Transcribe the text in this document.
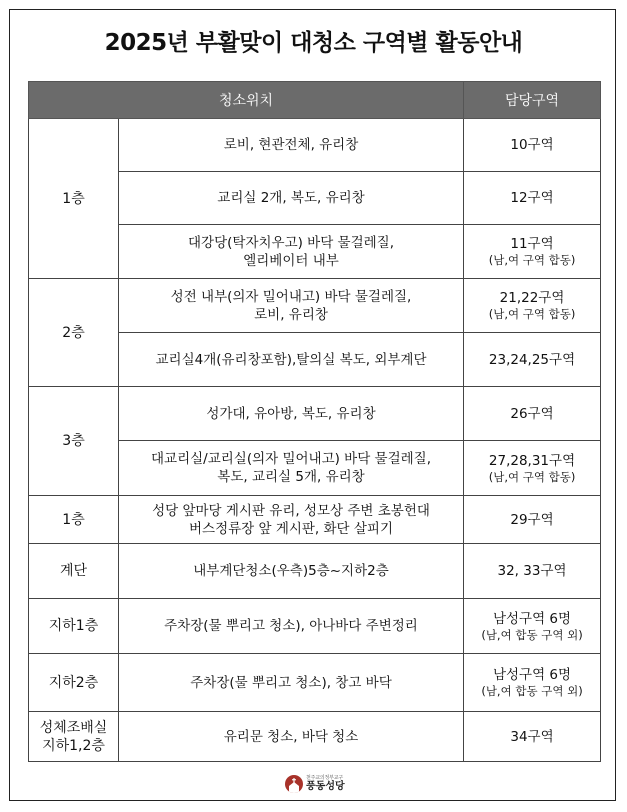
2025년 부활맞이 대청소 구역별 활동안내
청소위치		담당구역
1층	로비, 현관전체, 유리창	10구역

	교리실 2개, 복도, 유리창	12구역

	대강당(탁자치우고) 바닥 물걸레질,
엘리베이터 내부	11구역
(남,여 구역 합동)

2층	성전 내부(의자 밀어내고) 바닥 물걸레질,
로비, 유리창	21,22구역
(남,여 구역 합동)

	교리실4개(유리창포함),탈의실 복도, 외부계단	23,24,25구역

3층	성가대, 유아방, 복도, 유리창	26구역

	대교리실/교리실(의자 밀어내고) 바닥 물걸레질,
복도, 교리실 5개, 유리창	27,28,31구역
(남,여 구역 합동)

1층	성당 앞마당 게시판 유리, 성모상 주변 초봉헌대
버스정류장 앞 게시판, 화단 살피기	29구역

계단	내부계단청소(우측)5층~지하2층	32, 33구역

지하1층	주차장(물 뿌리고 청소), 아나바다 주변정리	남성구역 6명
(남,여 합동 구역 외)

지하2층	주차장(물 뿌리고 청소), 창고 바닥	남성구역 6명
(남,여 합동 구역 외)

성체조배실
지하1,2층	유리문 청소, 바닥 청소	34구역
천주교의정부교구
풍동성당
